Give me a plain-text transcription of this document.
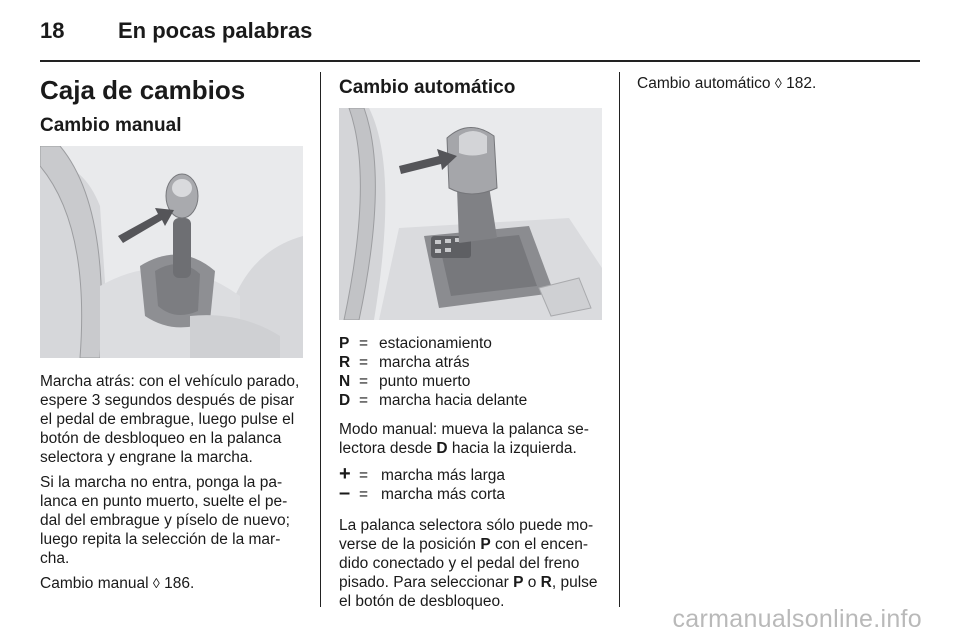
18 En pocas palabras
Caja de cambios
Cambio manual

Marcha atrás: con el vehículo parado, espere 3 segundos después de pisar el pedal de embrague, luego pulse el botón de desbloqueo en la palanca selectora y engrane la marcha.

Si la marcha no entra, ponga la pa- lanca en punto muerto, suelte el pe- dal del embrague y píselo de nuevo; luego repita la selección de la mar- cha.

Cambio manual ◊ 186.

Cambio automático
P = estacionamiento
R = marcha atrás
N = punto muerto
D = marcha hacia delante

Modo manual: mueva la palanca se- lectora desde D hacia la izquierda.

+ = marcha más larga
– = marcha más corta

La palanca selectora sólo puede mo- verse de la posición P con el encen- dido conectado y el pedal del freno pisado. Para seleccionar P o R, pulse el botón de desbloqueo.

Cambio automático ◊ 182.

carmanualsonline.info
